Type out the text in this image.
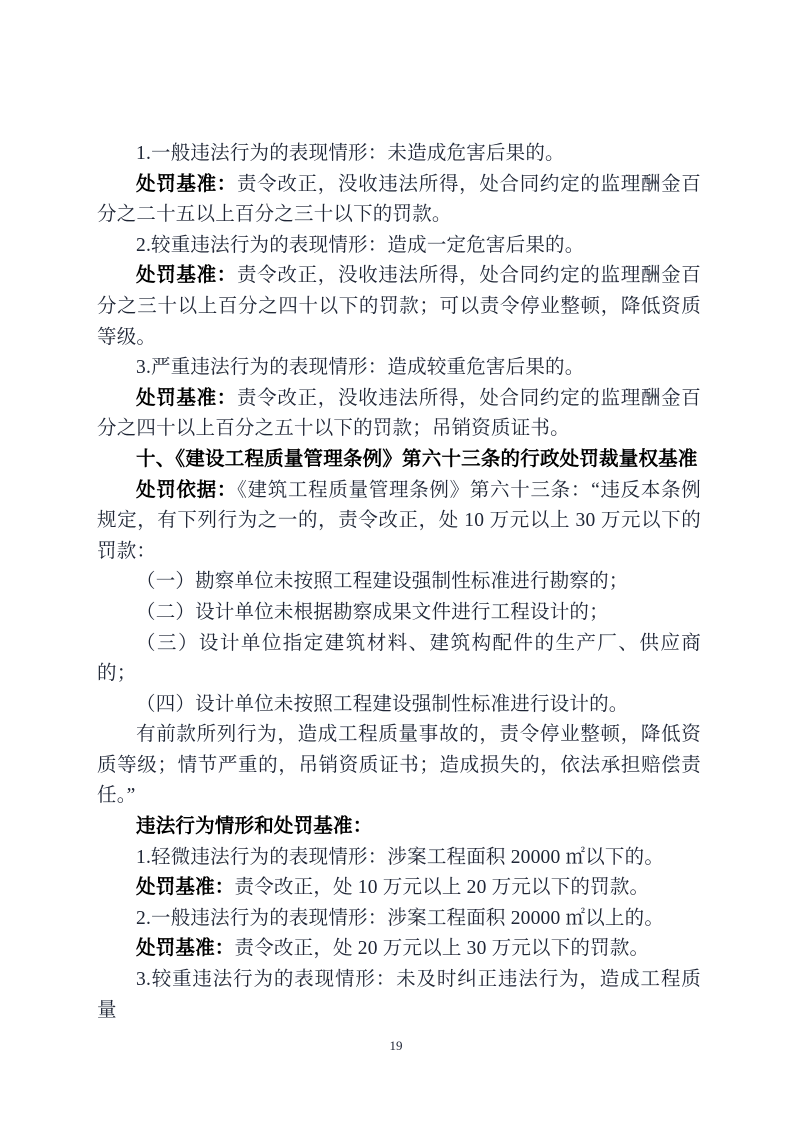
1.一般违法行为的表现情形：未造成危害后果的。

处罚基准：责令改正，没收违法所得，处合同约定的监理酬金百分之二十五以上百分之三十以下的罚款。

2.较重违法行为的表现情形：造成一定危害后果的。

处罚基准：责令改正，没收违法所得，处合同约定的监理酬金百分之三十以上百分之四十以下的罚款；可以责令停业整顿，降低资质等级。

3.严重违法行为的表现情形：造成较重危害后果的。

处罚基准：责令改正，没收违法所得，处合同约定的监理酬金百分之四十以上百分之五十以下的罚款；吊销资质证书。

十、《建设工程质量管理条例》第六十三条的行政处罚裁量权基准

处罚依据：《建筑工程质量管理条例》第六十三条：“违反本条例规定，有下列行为之一的，责令改正，处 10 万元以上 30 万元以下的罚款：

（一）勘察单位未按照工程建设强制性标准进行勘察的；

（二）设计单位未根据勘察成果文件进行工程设计的；

（三）设计单位指定建筑材料、建筑构配件的生产厂、供应商的；

（四）设计单位未按照工程建设强制性标准进行设计的。

有前款所列行为，造成工程质量事故的，责令停业整顿，降低资质等级；情节严重的，吊销资质证书；造成损失的，依法承担赔偿责任。”

违法行为情形和处罚基准：

1.轻微违法行为的表现情形：涉案工程面积 20000 ㎡以下的。

处罚基准：责令改正，处 10 万元以上 20 万元以下的罚款。

2.一般违法行为的表现情形：涉案工程面积 20000 ㎡以上的。

处罚基准：责令改正，处 20 万元以上 30 万元以下的罚款。

3.较重违法行为的表现情形：未及时纠正违法行为，造成工程质量

19
